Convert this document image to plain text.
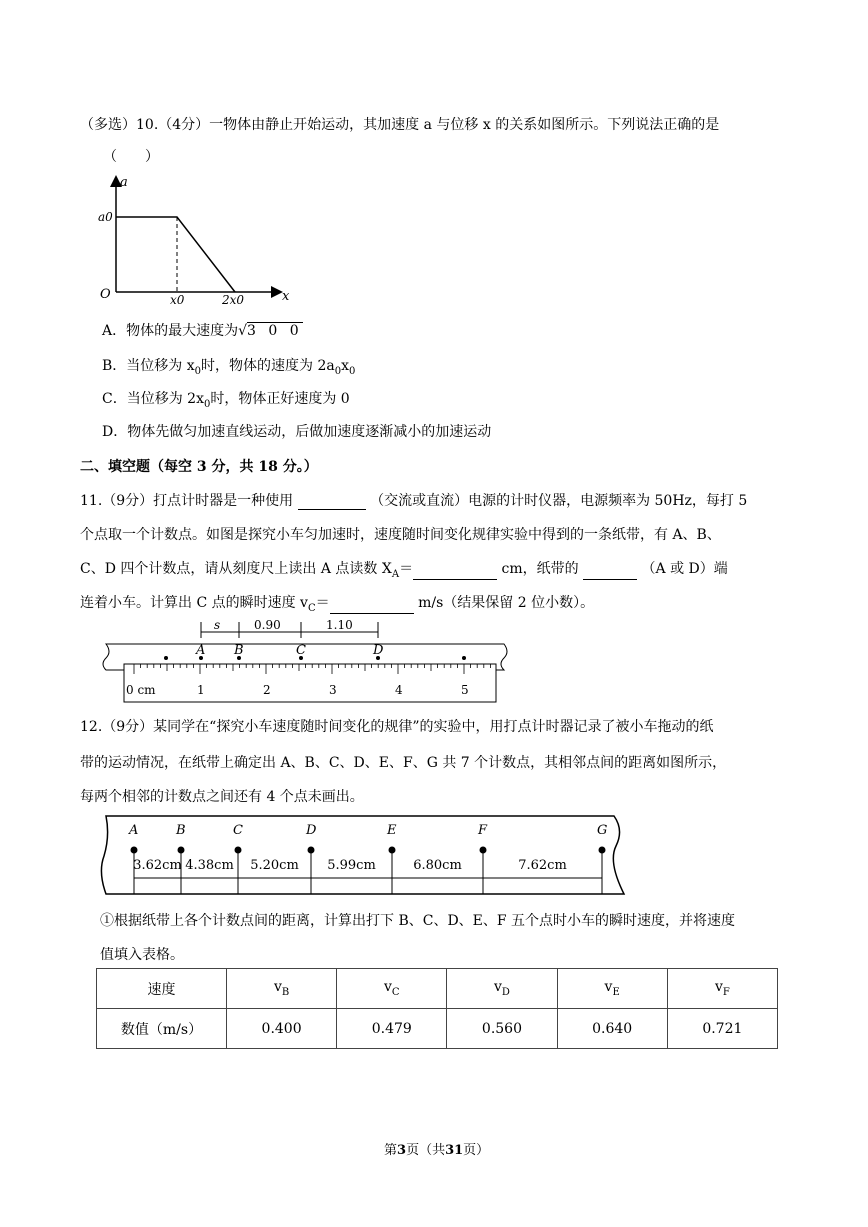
（多选）10.（4分）一物体由静止开始运动，其加速度 a 与位移 x 的关系如图所示。下列说法正确的是
（　　）
a
x
O
a0
x0	2x0
A．物体的最大速度为√3 0 0
B．当位移为 $x_0$时，物体的速度为 $2a_0x_0$
C．当位移为 $2x_0$时，物体正好速度为 0
D．物体先做匀加速直线运动，后做加速度逐渐减小的加速运动
二、填空题（每空 3 分，共 18 分。）
11.（9分）打点计时器是一种使用	（交流或直流）电源的计时仪器，电源频率为 50Hz，每打 5
个点取一个计数点。如图是探究小车匀加速时，速度随时间变化规律实验中得到的一条纸带，有 A、B、
C、D 四个计数点，请从刻度尺上读出 A 点读数 $X_A=$	cm，纸带的	（A 或 D）端
连着小车。计算出 C 点的瞬时速度 $v_C=$	m/s（结果保留 2 位小数）。
s	0.90	1.10
A B	C	D
0 cm	1	2	3	4	5
12.（9分）某同学在“探究小车速度随时间变化的规律”的实验中，用打点计时器记录了被小车拖动的纸
带的运动情况，在纸带上确定出 A、B、C、D、E、F、G 共 7 个计数点，其相邻点间的距离如图所示，
每两个相邻的计数点之间还有 4 个点未画出。
A	B	C	D	E	F	G
3.62cm 4.38cm 5.20cm 5.99cm	6.80cm	7.62cm
①根据纸带上各个计数点间的距离，计算出打下 B、C、D、E、F 五个点时小车的瞬时速度，并将速度
值填入表格。
速度	$v_B$	$v_C$	$v_D$	$v_E$	$v_F$
数值（m/s）	0.400	0.479	0.560	0.640	0.721
第3页（共31页）
